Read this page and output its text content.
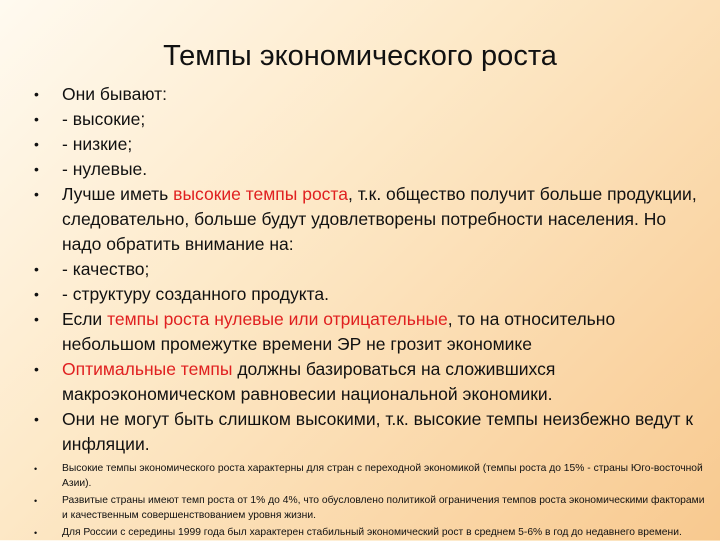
Темпы экономического роста
• Они бывают:
• - высокие;
• - низкие;
• - нулевые.
• Лучше иметь высокие темпы роста, т.к. общество получит больше продукции, следовательно, больше будут удовлетворены потребности населения. Но надо обратить внимание на:
• - качество;
• - структуру созданного продукта.
• Если темпы роста нулевые или отрицательные, то на относительно небольшом промежутке времени ЭР не грозит экономике
• Оптимальные темпы должны базироваться на сложившихся макроэкономическом равновесии национальной экономики.
• Они не могут быть слишком высокими, т.к. высокие темпы неизбежно ведут к инфляции.
• Высокие темпы экономического роста характерны для стран с переходной экономикой (темпы роста до 15% - страны Юго-восточной Азии).
• Развитые страны имеют темп роста от 1% до 4%, что обусловлено политикой ограничения темпов роста экономическими факторами и качественным совершенствованием уровня жизни.
• Для России с середины 1999 года был характерен стабильный экономический рост в среднем 5-6% в год до недавнего времени.
